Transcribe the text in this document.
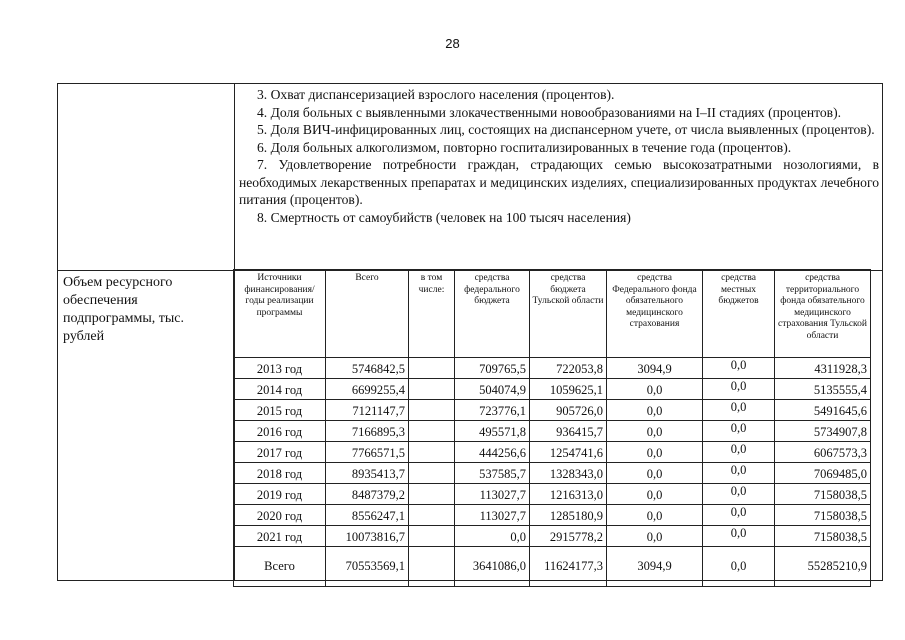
28
3. Охват диспансеризацией взрослого населения (процентов).
4. Доля больных с выявленными злокачественными новообразованиями на I–II стадиях (процентов).
5. Доля ВИЧ-инфицированных лиц, состоящих на диспансерном учете, от числа выявленных (процентов).
6. Доля больных алкоголизмом, повторно госпитализированных в течение года (процентов).
7. Удовлетворение потребности граждан, страдающих семью высокозатратными нозологиями, в необходимых лекарственных препаратах и медицинских изделиях, специализированных продуктах лечебного питания (процентов).
8. Смертность от самоубийств (человек на 100 тысяч населения)
Объем ресурсного обеспечения подпрограммы, тыс. рублей
Источники финансирования/ годы реализации программы	Всего	в том числе:	средства федерального бюджета	средства бюджета Тульской области	средства Федерального фонда обязательного медицинского страхования	средства местных бюджетов	средства территориального фонда обязательного медицинского страхования Тульской области
2013 год	5746842,5		709765,5	722053,8	3094,9	0,0	4311928,3
2014 год	6699255,4		504074,9	1059625,1	0,0	0,0	5135555,4
2015 год	7121147,7		723776,1	905726,0	0,0	0,0	5491645,6
2016 год	7166895,3		495571,8	936415,7	0,0	0,0	5734907,8
2017 год	7766571,5		444256,6	1254741,6	0,0	0,0	6067573,3
2018 год	8935413,7		537585,7	1328343,0	0,0	0,0	7069485,0
2019 год	8487379,2		113027,7	1216313,0	0,0	0,0	7158038,5
2020 год	8556247,1		113027,7	1285180,9	0,0	0,0	7158038,5
2021 год	10073816,7		0,0	2915778,2	0,0	0,0	7158038,5
Всего	70553569,1		3641086,0	11624177,3	3094,9	0,0	55285210,9
